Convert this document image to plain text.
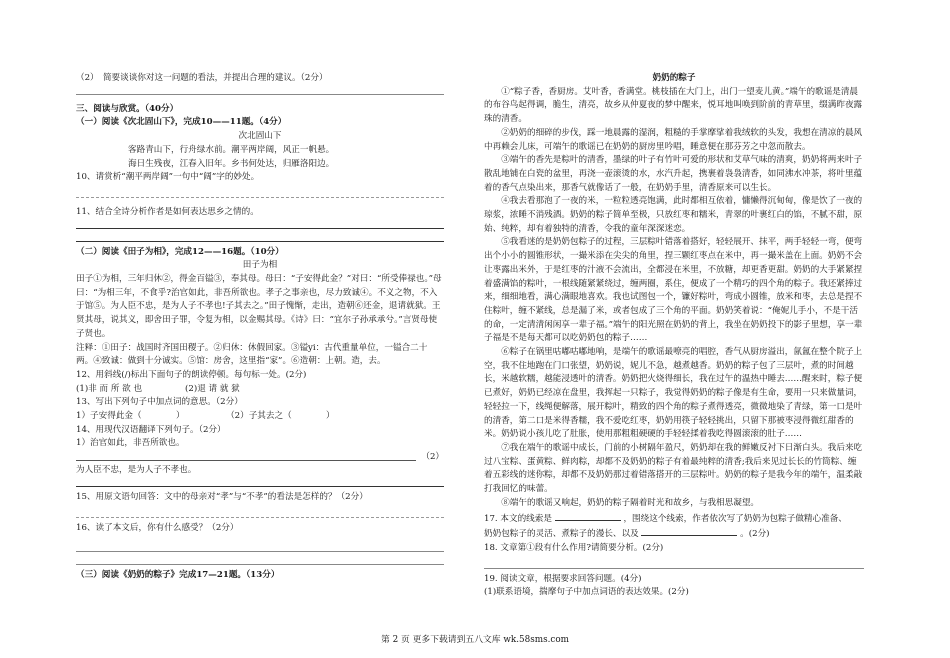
（2）　简要谈谈你对这一问题的看法，并提出合理的建议。（2分）

三、阅读与欣赏。（40分）

（一）阅读《次北固山下》，完成10——11题。（4分）

次北固山下

客路青山下，行舟绿水前。潮平两岸阔，风正一帆悬。

海日生残夜，江春入旧年。乡书何处达，归雁洛阳边。

10、请赏析“潮平两岸阔”一句中“阔”字的妙处。

11、结合全诗分析作者是如何表达思乡之情的。

（二）阅读《田子为相》，完成12——16题。（10分）

田子为相

田子①为相，三年归休②，得金百镒③，奉其母。母曰：“子安得此金？”对曰：“所受俸禄也。”母曰：“为相三年，不食乎?治官如此，非吾所欲也。孝子之事亲也，尽力致诚④。不义之物，不入于馆⑤。为人臣不忠，是为人子不孝也!子其去之。”田子愧惭，走出，造朝⑥还金，退请就狱。王贤其母，说其义，即舍田子罪，令复为相，以金赐其母。《诗》曰：“宜尔子孙承承兮。”言贤母使子贤也。

注释：①田子：战国时齐国田稷子。②归休：休假回家。③镒yi：古代重量单位，一镒合二十两。④致诚：做到十分诚实。⑤馆：房舍，这里指“家”。⑥造朝：上朝。造，去。

12、用斜线(/)标出下面句子的朗读停顿。每句标一处。(2分)

(1)非 而 所 欲 也　　　　　(2)退 请 就 狱

13、写出下列句子中加点词的意思。（2分）

1）子安得此金（　　　　）	（2）子其去之（　　　　）

14、用现代汉语翻译下列句子。（2分）

1）治官如此，非吾所欲也。

（2）

为人臣不忠，是为人子不孝也。

15、用原文语句回答：文中的母亲对“孝”与“不孝”的看法是怎样的？（2分）

16、读了本文后，你有什么感受？（2分）

（三）阅读《奶奶的粽子》完成17—21题。（13分）

奶奶的粽子

①“粽子香，香厨房。艾叶香，香满堂。桃枝插在大门上，出门一望麦儿黄。”端午的歌谣是清晨的布谷鸟起得调，脆生，清亮，故乡从仲夏夜的梦中醒来，悦耳地叫唤到阶前的青草里，缀满昨夜露珠的清香。

②奶奶的细碎的步伐，踩一地晨露的湿润，粗糙的手掌摩挲着我绒软的头发，我想在清凉的晨风中再赖会儿床，可端午的歌谣已在奶奶的厨房里吟唱，睡意便在那芬芳之中忽而散去。

③端午的香先是粽叶的清香，墨绿的叶子有竹叶可爱的形状和艾草气味的清爽，奶奶将两来叶子散乱地铺在白瓷的盆里，再浇一壶滚烫的水，水汽升起，携裹着袅袅清香，如同沸水冲茶，将叶里蕴着的香气点染出来，那香气就像话了一般，在奶奶手里，清香原来可以生长。

④我去看那泡了一夜的米，一粒粒透亮饱满，此时都相互依着，慵懒得沉甸甸，像是饮了一夜的琼浆，浓睡不消残酒。奶奶的粽子简单至极，只放红枣和糯米，青翠的叶裹红白的馅，不腻不甜，原始、纯粹，却有着独特的清香，令我的童年深深迷恋。

⑤我看迷的是奶奶包粽子的过程，三层粽叶错落着搭好，轻轻展开、抹平，两手轻轻一弯，便弯出个小小的圆锥形状，一撮米添在尖尖的角里，捏三颗红枣点在米中，再一撮米盖在上面。奶奶不会让枣露出米外，于是红枣的汁液不会流出，全都浸在米里，不放糖，却更香更甜。奶奶的大手紧紧捏着盛满馅的粽叶，一根线随紧紧绕过，缠两圈，系住，便成了一个精巧的四个角的粽子。我还紧捧过来，细细地看，满心满眼地喜欢。我也试图包一个，镰好粽叶，弯成小圆锥，放米和枣，去总是捏不住粽叶，缠不紧线，总是漏了米，或者包成了三个角的平面。奶奶笑着说：“俺妮儿手小，不是干活的命，一定清清闲闲享一辈子福。”端午的阳光照在奶奶的背上，我坐在奶奶投下的影子里想，享一辈子福是不是每天都可以吃奶奶包的粽子……

⑥粽子在锅里咕嘟咕嘟地响，是端午的歌谣最嘹亮的唱腔，香气从厨房溢出，氤氲在整个院子上空，我不住地跑在门口张望，奶奶说，妮儿不急，越煮越香。奶奶的粽子包了三层叶，煮的时间越长，米越软糯，越能浸透叶的清香。奶奶把火烧得细长，我在过午的温热中睡去……醒来时，粽子便已煮好，奶奶已经凉在盘里，我挥起一只粽子，我觉得奶奶的粽子像是有生命，要用一只来做量词，轻轻拉一下，线绳便解落，展开粽叶，精致的四个角的粽子煮得透亮，微微地染了青绿，第一口是叶的清香，第二口是米得香糯，我不爱吃红枣，奶奶用筷子轻轻挑出，只留下那被枣浸得微红甜香的米。奶奶说小孩儿吃了肚胀，使用那粗粗硬硬的手轻轻揉着我吃得圆滚滚的肚子……

⑦我在端午的歌谣中成长，门前的小树隔年盈尺，奶奶却在我的鲜嫩反衬下日渐白头。我后来吃过八宝粽、蛋黄粽、鲜肉粽，却都不及奶奶的粽子有着最纯粹的清香;我后来见过长长的竹筒粽、缠着五彩线的迷你粽，却都不及奶奶那过着错落搭开的三层粽叶。奶奶的粽子是我今年的端午，温柔敲打我回忆的味蕾。

⑧端午的歌谣又响起，奶奶的粽子隔着时光和故乡，与我相思凝望。

17. 本文的线索是	，围绕这个线索，作者依次写了奶奶为包粽子做精心准备、

奶奶包粽子的灵活、煮粽子的漫长、以及	。(2分)

18. 文章第①段有什么作用?请简要分析。(2分)

19. 阅读文章，根据要求回答问题。(4分)

(1)联系语境，揣摩句子中加点词语的表达效果。(2分)

第 2 页 更多下载请到五八文库 wk.58sms.com
